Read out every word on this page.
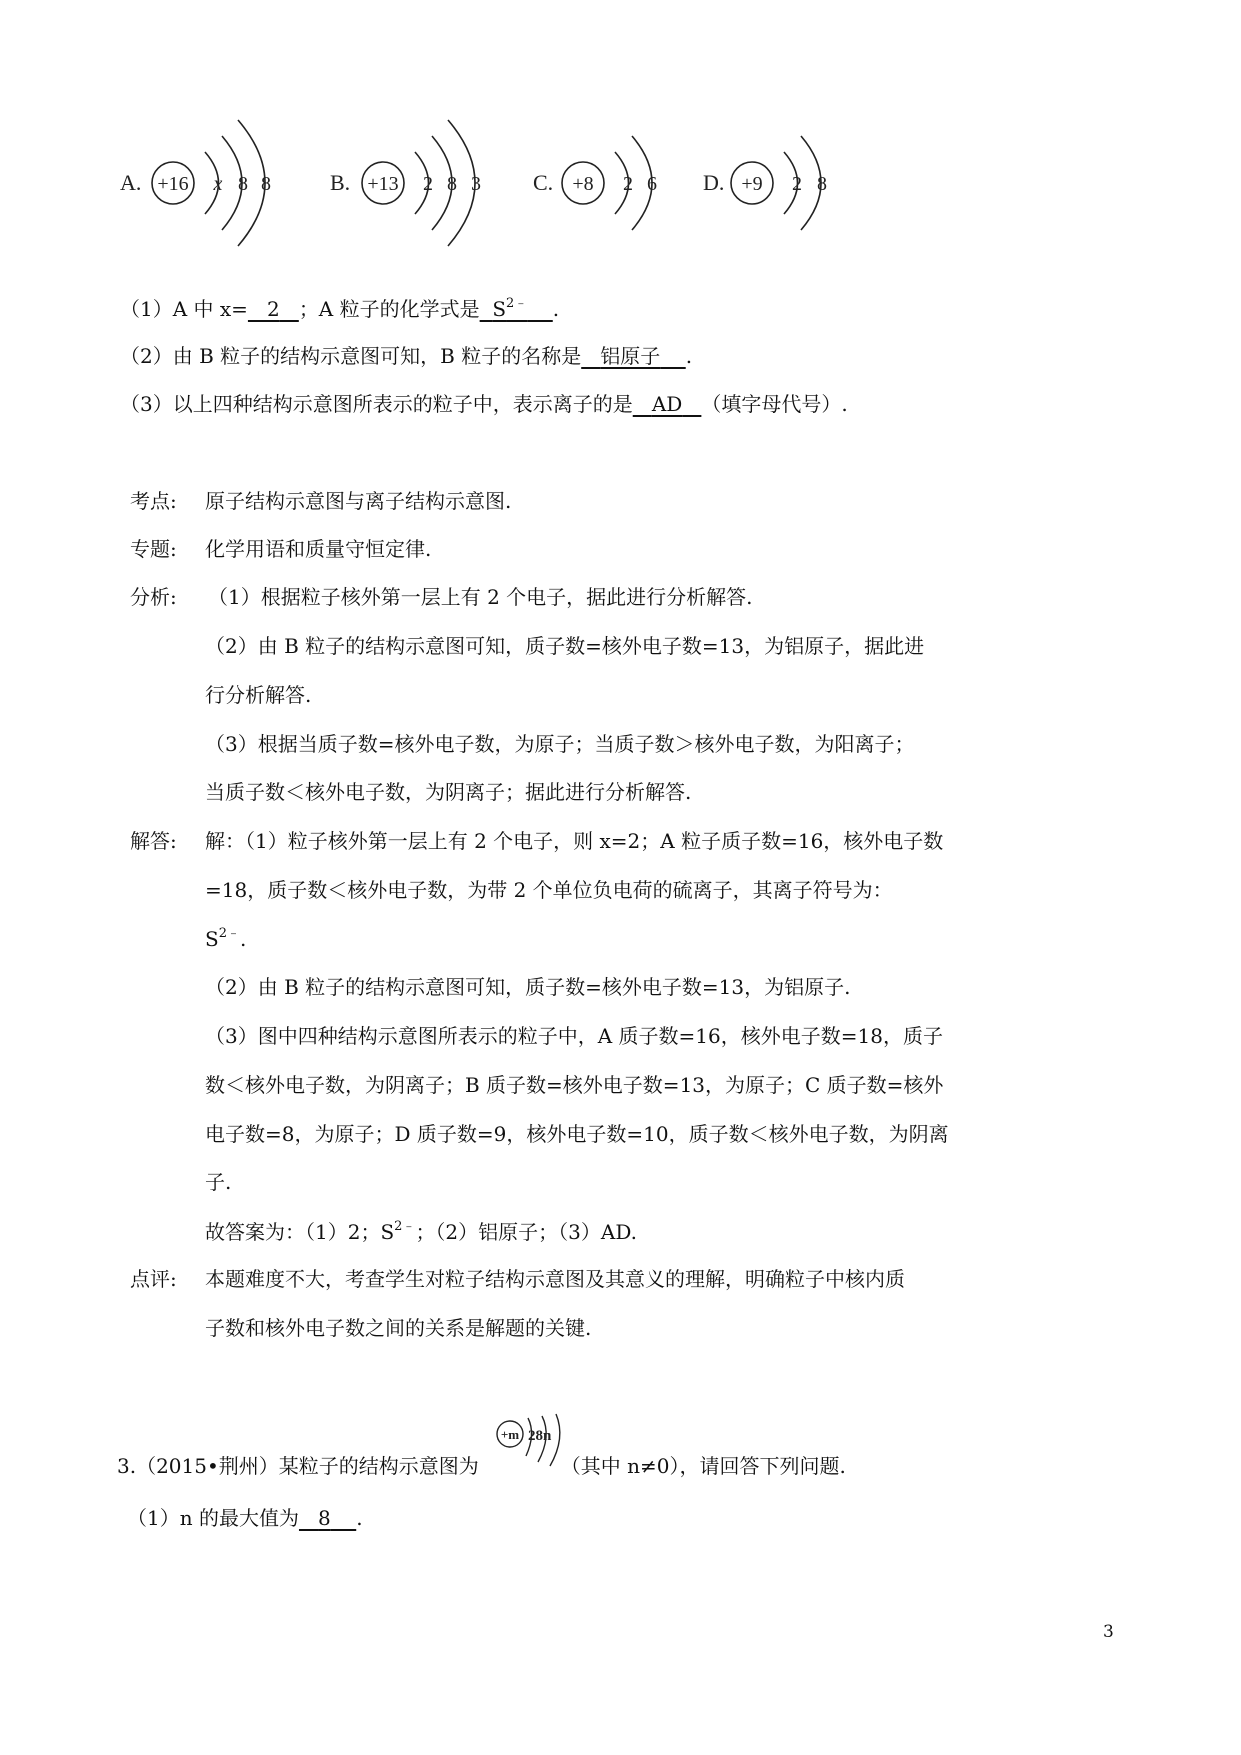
A. +16 x 8 8	B. +13 2 8 3 C. +8 2 6 D. +9 2 8
（1）A 中 x= 2 ；A 粒子的化学式是 $S^{2﹣}$ .
（2）由 B 粒子的结构示意图可知，B 粒子的名称是 铝原子 .
（3）以上四种结构示意图所表示的粒子中，表示离子的是 AD （填字母代号）.
考点: 原子结构示意图与离子结构示意图.
专题: 化学用语和质量守恒定律.
分析: （1）根据粒子核外第一层上有 2 个电子，据此进行分析解答.
（2）由 B 粒子的结构示意图可知，质子数=核外电子数=13，为铝原子，据此进
行分析解答.
（3）根据当质子数=核外电子数，为原子；当质子数＞核外电子数，为阳离子；
当质子数＜核外电子数，为阴离子；据此进行分析解答.
解答: 解：（1）粒子核外第一层上有 2 个电子，则 x=2；A 粒子质子数=16，核外电子数
=18，质子数＜核外电子数，为带 2 个单位负电荷的硫离子，其离子符号为：
$S^{2﹣}$.
（2）由 B 粒子的结构示意图可知，质子数=核外电子数=13，为铝原子.
（3）图中四种结构示意图所表示的粒子中，A 质子数=16，核外电子数=18，质子
数＜核外电子数，为阴离子；B 质子数=核外电子数=13，为原子；C 质子数=核外
电子数=8，为原子；D 质子数=9，核外电子数=10，质子数＜核外电子数，为阴离
子.
故答案为：（1）2；$S^{2﹣}$；（2）铝原子；（3）AD.
点评: 本题难度不大，考查学生对粒子结构示意图及其意义的理解，明确粒子中核内质
子数和核外电子数之间的关系是解题的关键.
3.（2015•荆州）某粒子的结构示意图为	（其中 n≠0），请回答下列问题.
+m 28n
（1）n 的最大值为 8 .
3
